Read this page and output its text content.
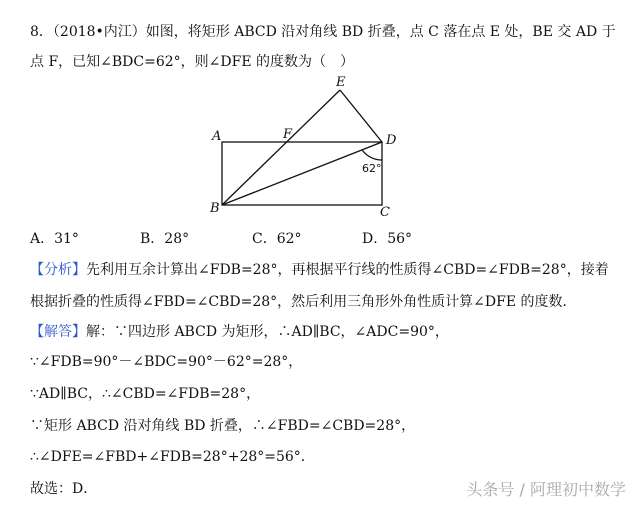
8．（2018•内江）如图，将矩形 ABCD 沿对角线 BD 折叠，点 C 落在点 E 处，BE 交 AD 于
点 F，已知∠BDC=62°，则∠DFE 的度数为（　）
A
B	C
D
E
F
62°
A．31°	B．28°	C．62°	D．56°
【分析】先利用互余计算出∠FDB=28°，再根据平行线的性质得∠CBD=∠FDB=28°，接着
根据折叠的性质得∠FBD=∠CBD=28°，然后利用三角形外角性质计算∠DFE 的度数．
【解答】解：∵四边形 ABCD 为矩形，∴AD∥BC，∠ADC=90°，
∵∠FDB=90°－∠BDC=90°－62°=28°，
∵AD∥BC，∴∠CBD=∠FDB=28°，
∵矩形 ABCD 沿对角线 BD 折叠，∴∠FBD=∠CBD=28°，
∴∠DFE=∠FBD+∠FDB=28°+28°=56°．
故选：D．	头条号 / 阿理初中数学
